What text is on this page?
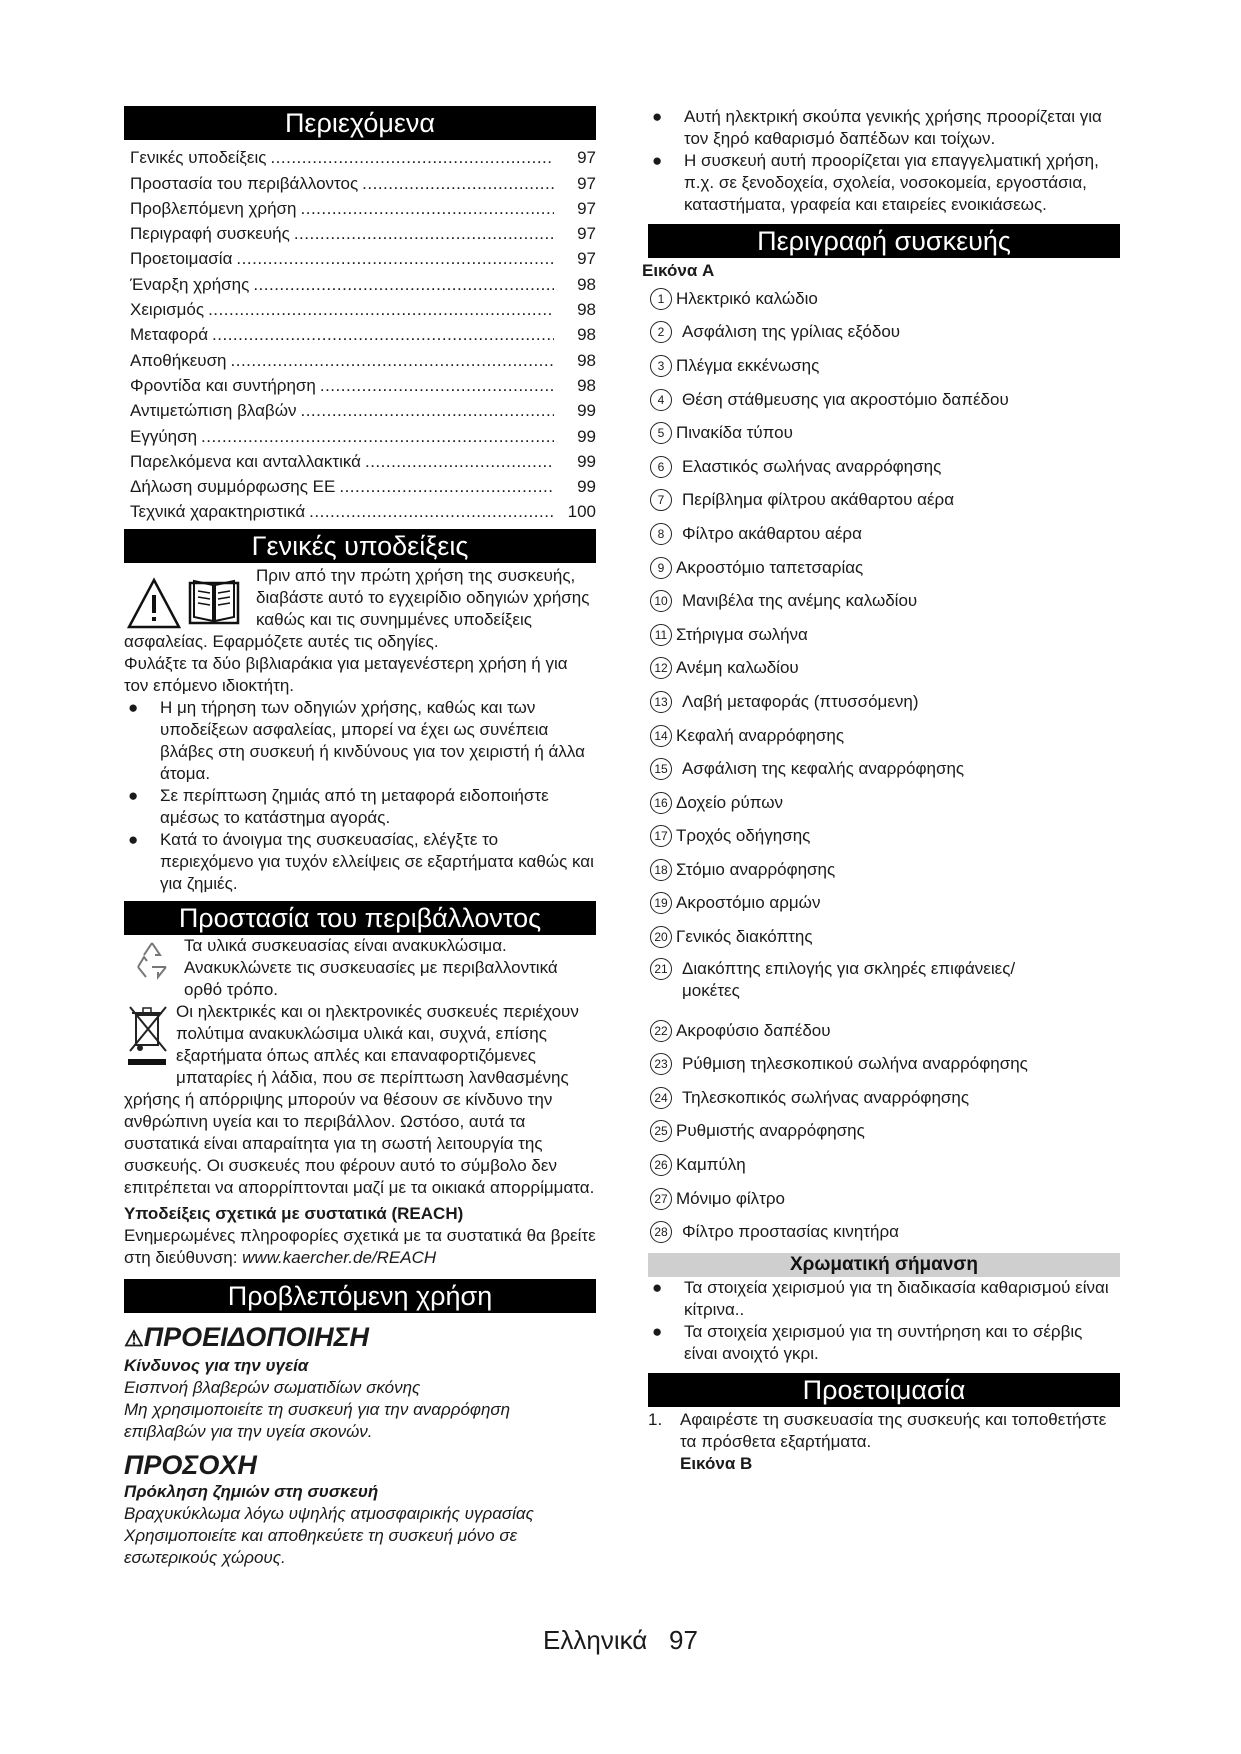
Περιεχόμενα
Γενικές υποδείξεις .....	97
Προστασία του περιβάλλοντος .....	97
Προβλεπόμενη χρήση .....	97
Περιγραφή συσκευής .....	97
Προετοιμασία .....	97
Έναρξη χρήσης .....	98
Χειρισμός .....	98
Μεταφορά .....	98
Αποθήκευση .....	98
Φροντίδα και συντήρηση .....	98
Αντιμετώπιση βλαβών .....	99
Εγγύηση .....	99
Παρελκόμενα και ανταλλακτικά .....	99
Δήλωση συμμόρφωσης ΕΕ .....	99
Τεχνικά χαρακτηριστικά .....	100
Γενικές υποδείξεις

Πριν από την πρώτη χρήση της συσκευής, διαβάστε αυτό το εγχειρίδιο οδηγιών χρήσης καθώς και τις συνημμένες υποδείξεις ασφαλείας. Εφαρμόζετε αυτές τις οδηγίες.

Φυλάξτε τα δύο βιβλιαράκια για μεταγενέστερη χρήση ή για τον επόμενο ιδιοκτήτη.

●	Η μη τήρηση των οδηγιών χρήσης, καθώς και των υποδείξεων ασφαλείας, μπορεί να έχει ως συνέπεια βλάβες στη συσκευή ή κινδύνους για τον χειριστή ή άλλα άτομα.
●	Σε περίπτωση ζημιάς από τη μεταφορά ειδοποιήστε αμέσως το κατάστημα αγοράς.
●	Κατά το άνοιγμα της συσκευασίας, ελέγξτε το περιεχόμενο για τυχόν ελλείψεις σε εξαρτήματα καθώς και για ζημιές.
Προστασία του περιβάλλοντος

Τα υλικά συσκευασίας είναι ανακυκλώσιμα. Ανακυκλώνετε τις συσκευασίες με περιβαλλοντικά ορθό τρόπο.

Οι ηλεκτρικές και οι ηλεκτρονικές συσκευές περιέχουν πολύτιμα ανακυκλώσιμα υλικά και, συχνά, επίσης εξαρτήματα όπως απλές και επαναφορτιζόμενες μπαταρίες ή λάδια, που σε περίπτωση λανθασμένης χρήσης ή απόρριψης μπορούν να θέσουν σε κίνδυνο την ανθρώπινη υγεία και το περιβάλλον. Ωστόσο, αυτά τα συστατικά είναι απαραίτητα για τη σωστή λειτουργία της συσκευής. Οι συσκευές που φέρουν αυτό το σύμβολο δεν επιτρέπεται να απορρίπτονται μαζί με τα οικιακά απορρίμματα.

Υποδείξεις σχετικά με συστατικά (REACH)

Ενημερωμένες πληροφορίες σχετικά με τα συστατικά θα βρείτε στη διεύθυνση: www.kaercher.de/REACH

Προβλεπόμενη χρήση
⚠ΠΡΟΕΙΔΟΠΟΙΗΣΗ

Κίνδυνος για την υγεία

Εισπνοή βλαβερών σωματιδίων σκόνης

Μη χρησιμοποιείτε τη συσκευή για την αναρρόφηση επιβλαβών για την υγεία σκονών.

ΠΡΟΣΟΧΗ

Πρόκληση ζημιών στη συσκευή

Βραχυκύκλωμα λόγω υψηλής ατμοσφαιρικής υγρασίας

Χρησιμοποιείτε και αποθηκεύετε τη συσκευή μόνο σε εσωτερικούς χώρους.

●	Αυτή ηλεκτρική σκούπα γενικής χρήσης προορίζεται για τον ξηρό καθαρισμό δαπέδων και τοίχων.
●	Η συσκευή αυτή προορίζεται για επαγγελματική χρήση, π.χ. σε ξενοδοχεία, σχολεία, νοσοκομεία, εργοστάσια, καταστήματα, γραφεία και εταιρείες ενοικιάσεως.
Περιγραφή συσκευής

Εικόνα A

1 Ηλεκτρικό καλώδιο
2	Ασφάλιση της γρίλιας εξόδου
3 Πλέγμα εκκένωσης
4	Θέση στάθμευσης για ακροστόμιο δαπέδου
5 Πινακίδα τύπου
6	Ελαστικός σωλήνας αναρρόφησης
7	Περίβλημα φίλτρου ακάθαρτου αέρα
8	Φίλτρο ακάθαρτου αέρα
9 Ακροστόμιο ταπετσαρίας
10 Μανιβέλα της ανέμης καλωδίου
11 Στήριγμα σωλήνα
12 Ανέμη καλωδίου
13 Λαβή μεταφοράς (πτυσσόμενη)
14 Κεφαλή αναρρόφησης
15 Ασφάλιση της κεφαλής αναρρόφησης
16 Δοχείο ρύπων
17 Τροχός οδήγησης
18 Στόμιο αναρρόφησης
19 Ακροστόμιο αρμών
20 Γενικός διακόπτης
21 Διακόπτης επιλογής για σκληρές επιφάνειες/ μοκέτες
22 Ακροφύσιο δαπέδου
23 Ρύθμιση τηλεσκοπικού σωλήνα αναρρόφησης
24 Τηλεσκοπικός σωλήνας αναρρόφησης
25 Ρυθμιστής αναρρόφησης
26 Καμπύλη
27 Μόνιμο φίλτρο
28 Φίλτρο προστασίας κινητήρα
Χρωματική σήμανση
●	Τα στοιχεία χειρισμού για τη διαδικασία καθαρισμού είναι κίτρινα..
●	Τα στοιχεία χειρισμού για τη συντήρηση και το σέρβις είναι ανοιχτό γκρι.
Προετοιμασία
1.	Αφαιρέστε τη συσκευασία της συσκευής και τοποθετήστε τα πρόσθετα εξαρτήματα.
Εικόνα B
Ελληνικά 97
